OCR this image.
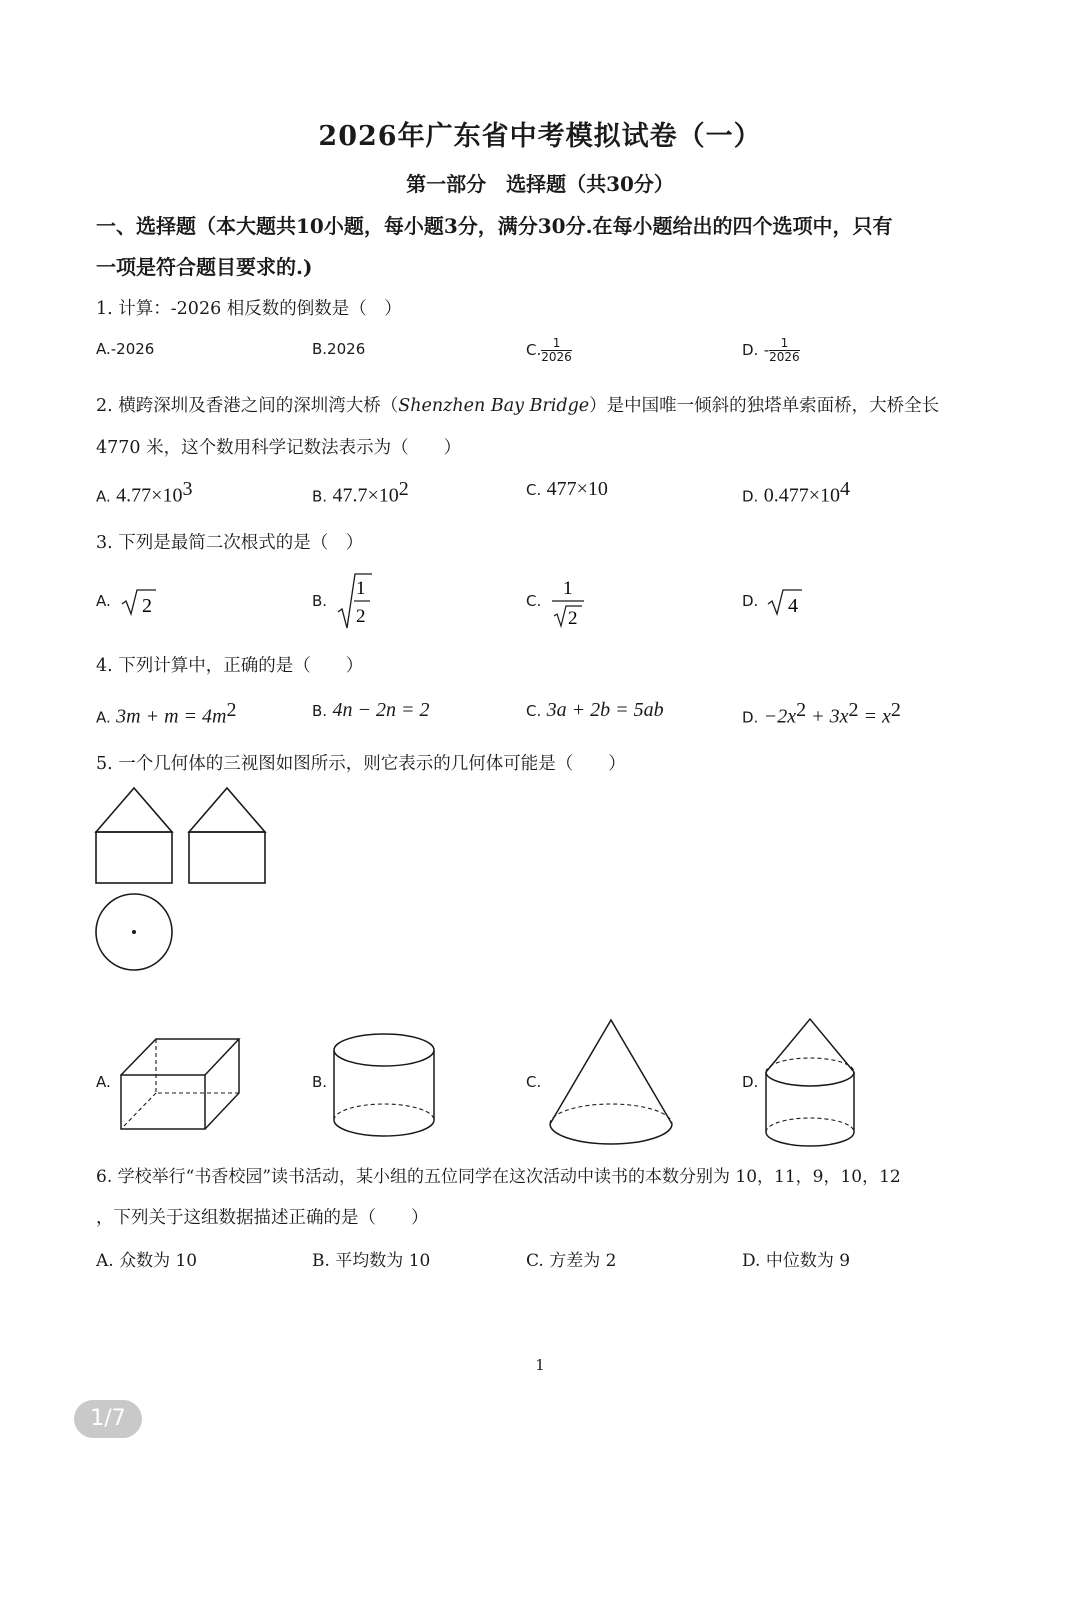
2026年广东省中考模拟试卷（一）
第一部分　选择题（共30分）
一、选择题（本大题共10小题，每小题3分，满分30分.在每小题给出的四个选项中，只有
一项是符合题目要求的.)
1. 计算：-2026 相反数的倒数是（　）
A.-2026	B.2026	C. $\frac{1}{2026}$	D. - $\frac{1}{2026}$
2. 横跨深圳及香港之间的深圳湾大桥（Shenzhen Bay Bridge）是中国唯一倾斜的独塔单索面桥，大桥全长
4770 米，这个数用科学记数法表示为（　　）
A. $4.77\times 10^3$	B. $47.7\times 10^2$	C. 477×10	D. $0.477\times 10^4$
3. 下列是最简二次根式的是（　）
A. 2	B.
1
2
C.
1
2
D. 4
4. 下列计算中，正确的是（　　）
A. $3m + m = 4m^2$	B. 4n − 2n = 2	C. 3a + 2b = 5ab	D. $-2x^2 + 3x^2 = x^2$
5. 一个几何体的三视图如图所示，则它表示的几何体可能是（　　）
A.	B.	C.	D.
6. 学校举行“书香校园”读书活动，某小组的五位同学在这次活动中读书的本数分别为 10，11，9，10，12
，下列关于这组数据描述正确的是（　　）
A. 众数为 10	B. 平均数为 10	C. 方差为 2	D. 中位数为 9
1
1/7
